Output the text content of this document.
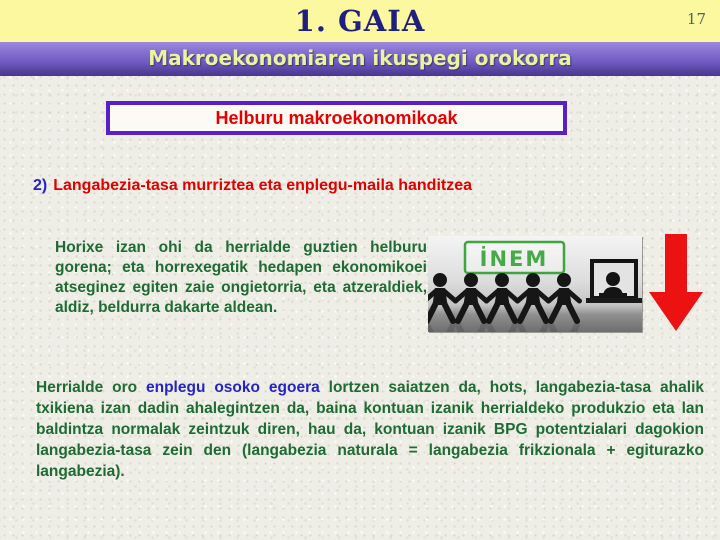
1. GAIA	17
Makroekonomiaren ikuspegi orokorra
Helburu makroekonomikoak
2) Langabezia-tasa murriztea eta enplegu-maila handitzea

Horixe izan ohi da herrialde guztien helburu gorena; eta horrexegatik hedapen ekonomikoei atseginez egiten zaie ongietorria, eta atzeraldiek, aldiz, beldurra dakarte aldean.

İNEM

Herrialde oro enplegu osoko egoera lortzen saiatzen da, hots, langabezia-tasa ahalik txikiena izan dadin ahalegintzen da, baina kontuan izanik herrialdeko produkzio eta lan baldintza normalak zeintzuk diren, hau da, kontuan izanik BPG potentzialari dagokion langabezia-tasa zein den (langabezia naturala = langabezia frikzionala + egiturazko langabezia).
